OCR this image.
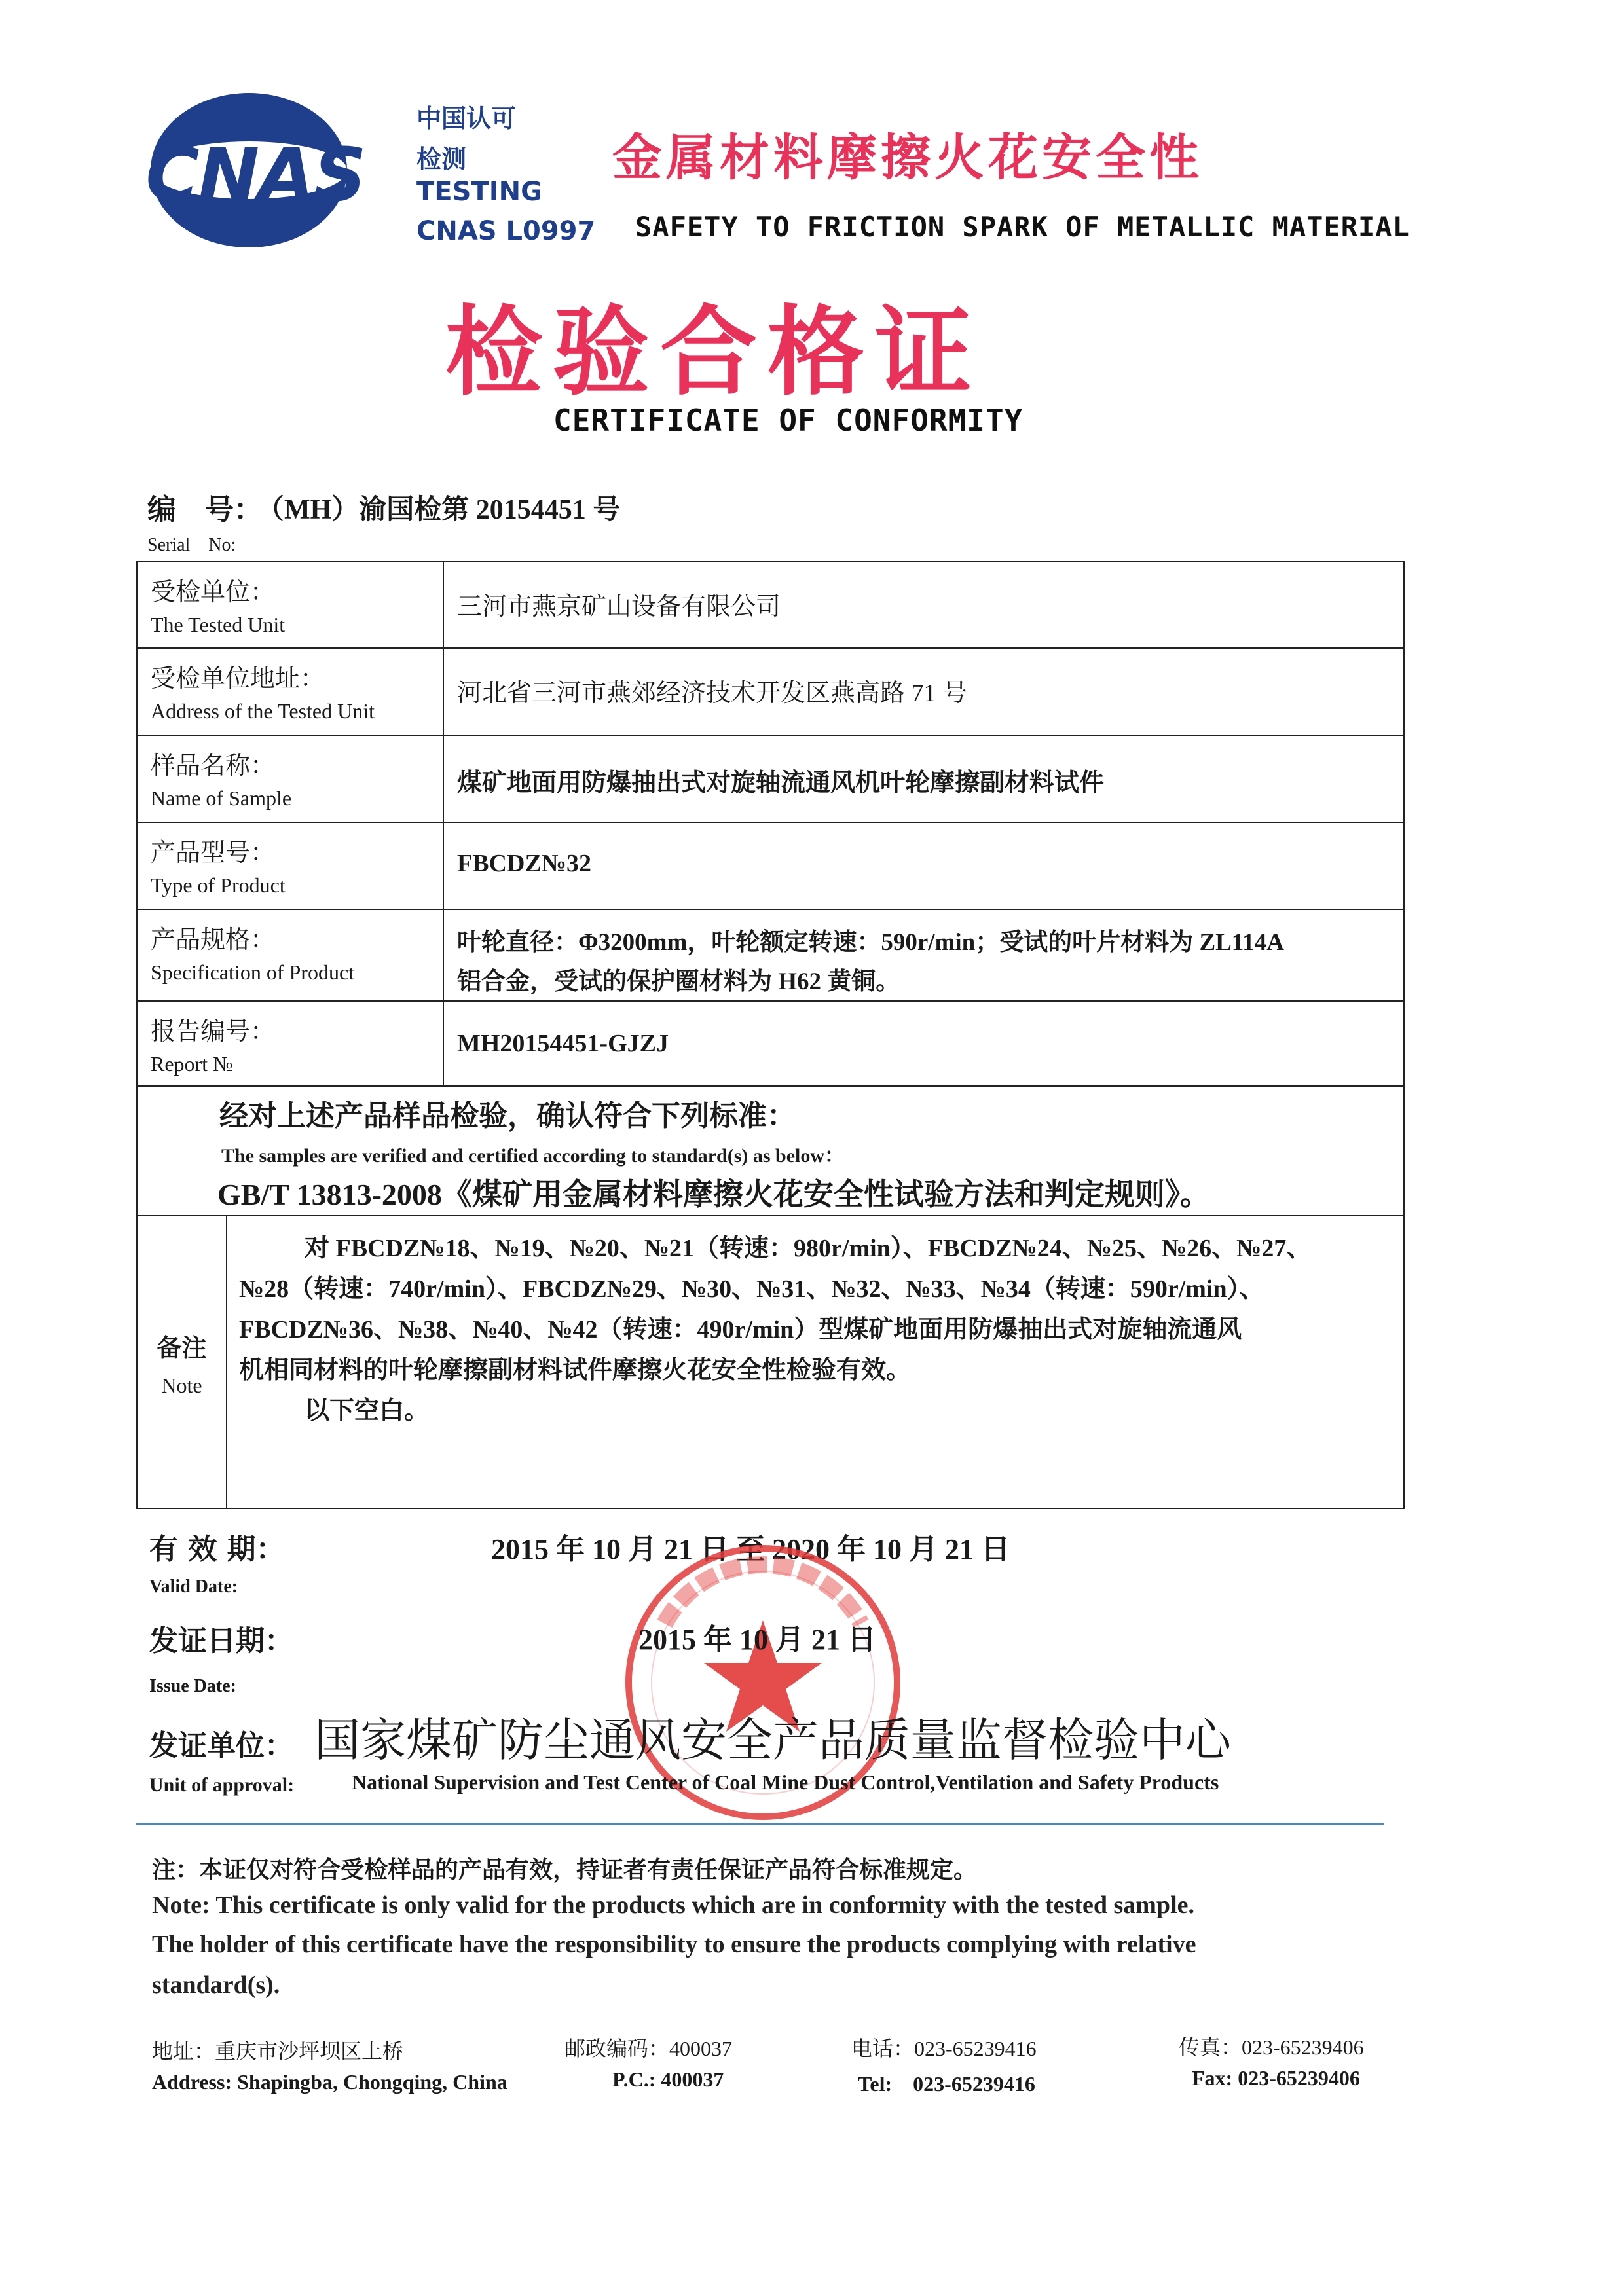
CNAS
中国认可
检测
TESTING
CNAS L0997
金属材料摩擦火花安全性
SAFETY TO FRICTION SPARK OF METALLIC MATERIAL
检验合格证
CERTIFICATE OF CONFORMITY
编　号：
（MH）渝国检第 20154451 号
Serial　No:
受检单位：
The Tested Unit
三河市燕京矿山设备有限公司
受检单位地址：
Address of the Tested Unit
河北省三河市燕郊经济技术开发区燕高路 71 号
样品名称：
Name of Sample
煤矿地面用防爆抽出式对旋轴流通风机叶轮摩擦副材料试件
产品型号：
Type of Product
FBCDZ№32
产品规格：
Specification of Product
叶轮直径：Φ3200mm，叶轮额定转速：590r/min；受试的叶片材料为 ZL114A
铝合金，受试的保护圈材料为 H62 黄铜。
报告编号：
Report №
MH20154451-GJZJ
经对上述产品样品检验，确认符合下列标准：
The samples are verified and certified according to standard(s) as below：
GB/T 13813-2008《煤矿用金属材料摩擦火花安全性试验方法和判定规则》。
备注
Note
对 FBCDZ№18、№19、№20、№21（转速：980r/min）、FBCDZ№24、№25、№26、№27、
№28（转速：740r/min）、FBCDZ№29、№30、№31、№32、№33、№34（转速：590r/min）、
FBCDZ№36、№38、№40、№42（转速：490r/min）型煤矿地面用防爆抽出式对旋轴流通风
机相同材料的叶轮摩擦副材料试件摩擦火花安全性检验有效。
以下空白。
有 效 期：
Valid Date:
2015 年 10 月 21 日 至 2020 年 10 月 21 日
发证日期：
Issue Date:
2015 年 10 月 21 日
发证单位： 国家煤矿防尘通风安全产品质量监督检验中心
Unit of approval:	National Supervision and Test Center of Coal Mine Dust Control,Ventilation and Safety Products
注：本证仅对符合受检样品的产品有效，持证者有责任保证产品符合标准规定。
Note: This certificate is only valid for the products which are in conformity with the tested sample.
The holder of this certificate have the responsibility to ensure the products complying with relative
standard(s).
地址：重庆市沙坪坝区上桥
Address: Shapingba, Chongqing, China
邮政编码：400037
P.C.: 400037
电话：023-65239416
Tel:　023-65239416
传真：023-65239406
Fax: 023-65239406
